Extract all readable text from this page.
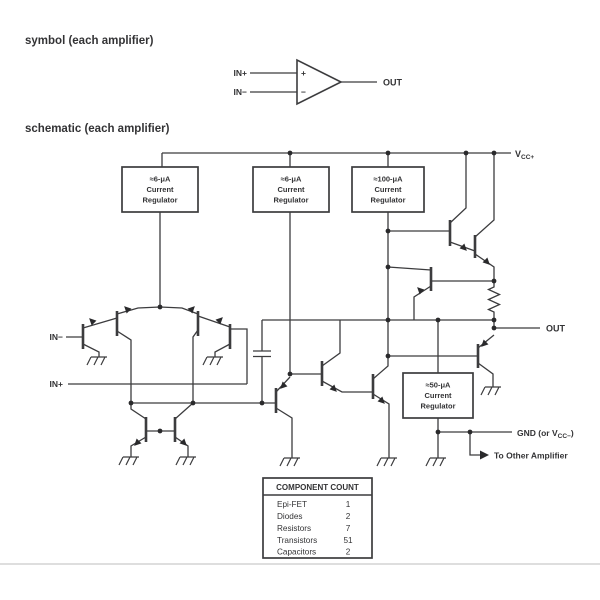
symbol (each amplifier)
schematic (each amplifier)
IN+
IN−
+
−
OUT
≈6-μA
Current
Regulator
≈6-μA
Current
Regulator
≈100-μA
Current
Regulator
≈50-μA
Current
Regulator
VCC+
IN−
IN+
OUT
GND (or VCC−)
To Other Amplifier
COMPONENT COUNT
Epi-FET	1
Diodes	2
Resistors	7
Transistors	51
Capacitors	2
